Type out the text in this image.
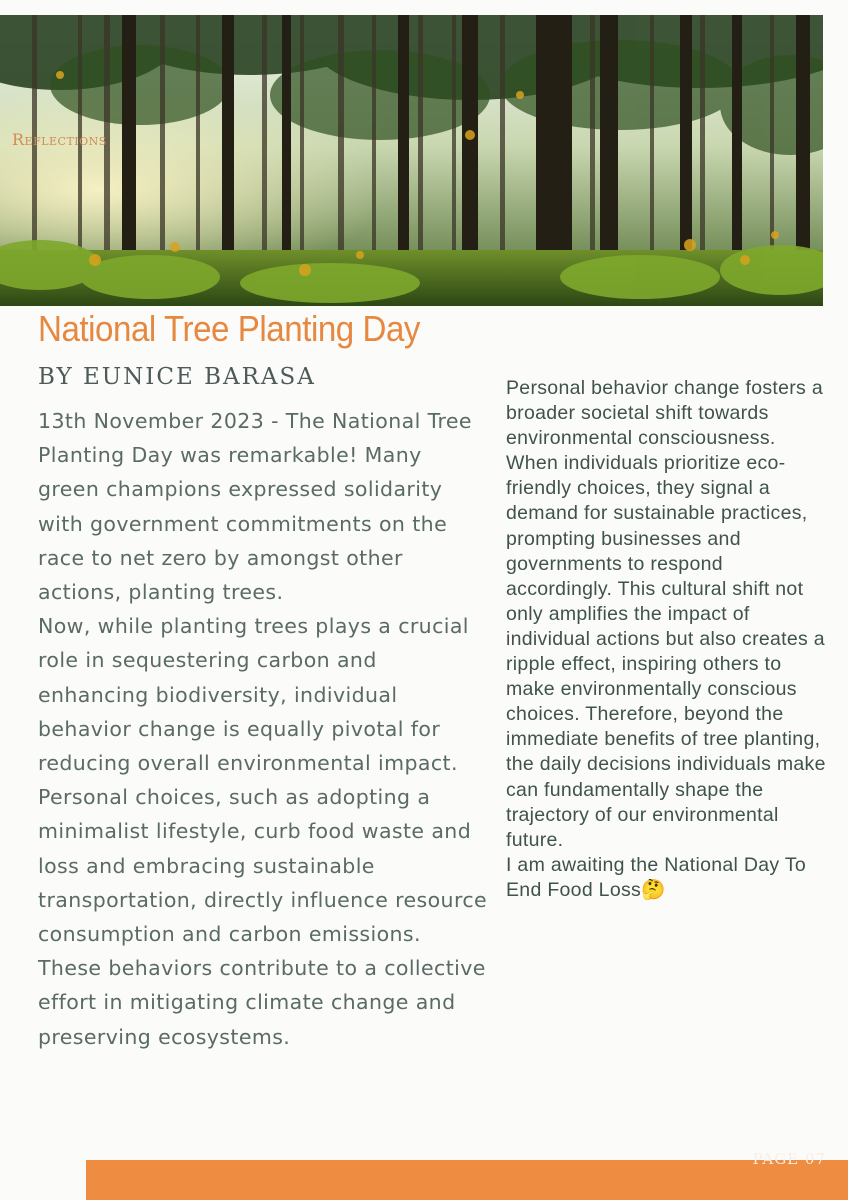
Reflections
National Tree Planting Day
BY EUNICE BARASA

13th November 2023 - The National Tree Planting Day was remarkable! Many green champions expressed solidarity with government commitments on the race to net zero by amongst other actions, planting trees.

Now, while planting trees plays a crucial role in sequestering carbon and enhancing biodiversity, individual behavior change is equally pivotal for reducing overall environmental impact. Personal choices, such as adopting a minimalist lifestyle, curb food waste and loss and embracing sustainable transportation, directly influence resource consumption and carbon emissions. These behaviors contribute to a collective effort in mitigating climate change and preserving ecosystems.

Personal behavior change fosters a broader societal shift towards environmental consciousness. When individuals prioritize eco-friendly choices, they signal a demand for sustainable practices, prompting businesses and governments to respond accordingly. This cultural shift not only amplifies the impact of individual actions but also creates a ripple effect, inspiring others to make environmentally conscious choices. Therefore, beyond the immediate benefits of tree planting, the daily decisions individuals make can fundamentally shape the trajectory of our environmental future.

I am awaiting the National Day To End Food Loss🤔

PAGE 07
